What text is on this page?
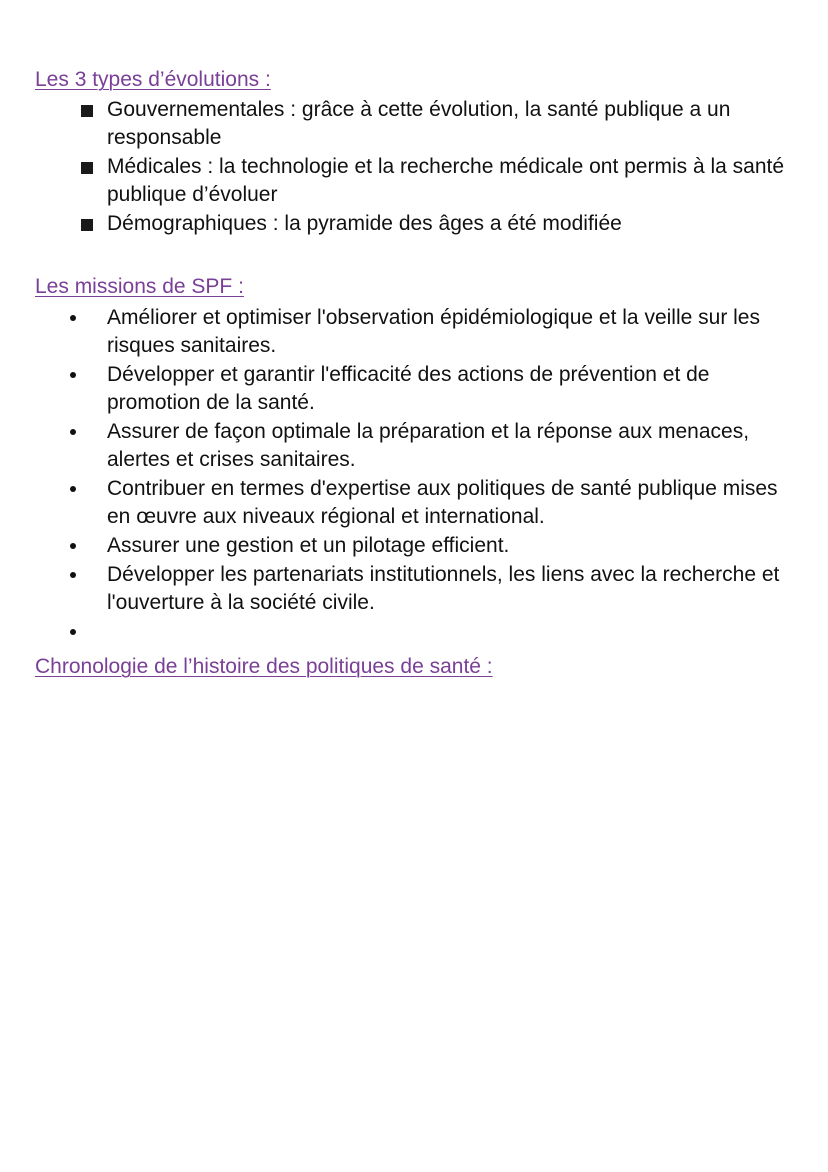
Les 3 types d’évolutions :
Gouvernementales : grâce à cette évolution, la santé publique a un responsable
Médicales : la technologie et la recherche médicale ont permis à la santé publique d’évoluer
Démographiques : la pyramide des âges a été modifiée
Les missions de SPF :
Améliorer et optimiser l'observation épidémiologique et la veille sur les risques sanitaires.
Développer et garantir l'efficacité des actions de prévention et de promotion de la santé.
Assurer de façon optimale la préparation et la réponse aux menaces, alertes et crises sanitaires.
Contribuer en termes d'expertise aux politiques de santé publique mises en œuvre aux niveaux régional et international.
Assurer une gestion et un pilotage efficient.
Développer les partenariats institutionnels, les liens avec la recherche et l'ouverture à la société civile.
Chronologie de l’histoire des politiques de santé :
